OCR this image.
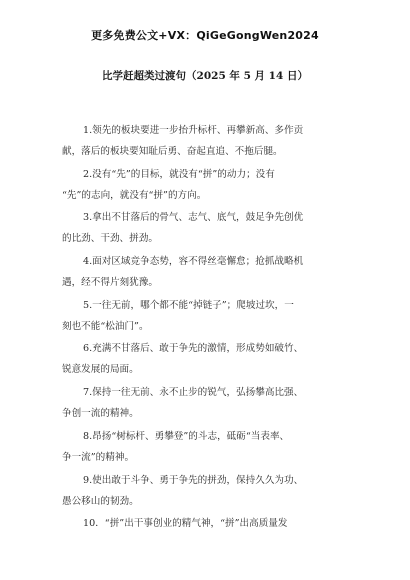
更多免费公文+VX：QiGeGongWen2024
比学赶超类过渡句（2025 年 5 月 14 日）

1.领先的板块要进一步抬升标杆、再攀新高、多作贡
献，落后的板块要知耻后勇、奋起直追、不拖后腿。

2.没有“先”的目标，就没有“拼”的动力；没有
“先”的志向，就没有“拼”的方向。

3.拿出不甘落后的骨气、志气、底气，鼓足争先创优
的比劲、干劲、拼劲。

4.面对区域竞争态势，容不得丝毫懈怠；抢抓战略机
遇，经不得片刻犹豫。

5.一往无前，哪个都不能“掉链子”；爬坡过坎，一
刻也不能“松油门”。

6.充满不甘落后、敢于争先的激情，形成势如破竹、
锐意发展的局面。

7.保持一往无前、永不止步的锐气，弘扬攀高比强、
争创一流的精神。

8.昂扬“树标杆、勇攀登”的斗志，砥砺“当表率、
争一流”的精神。

9.使出敢于斗争、勇于争先的拼劲，保持久久为功、
愚公移山的韧劲。

10．“拼”出干事创业的精气神，“拼”出高质量发
